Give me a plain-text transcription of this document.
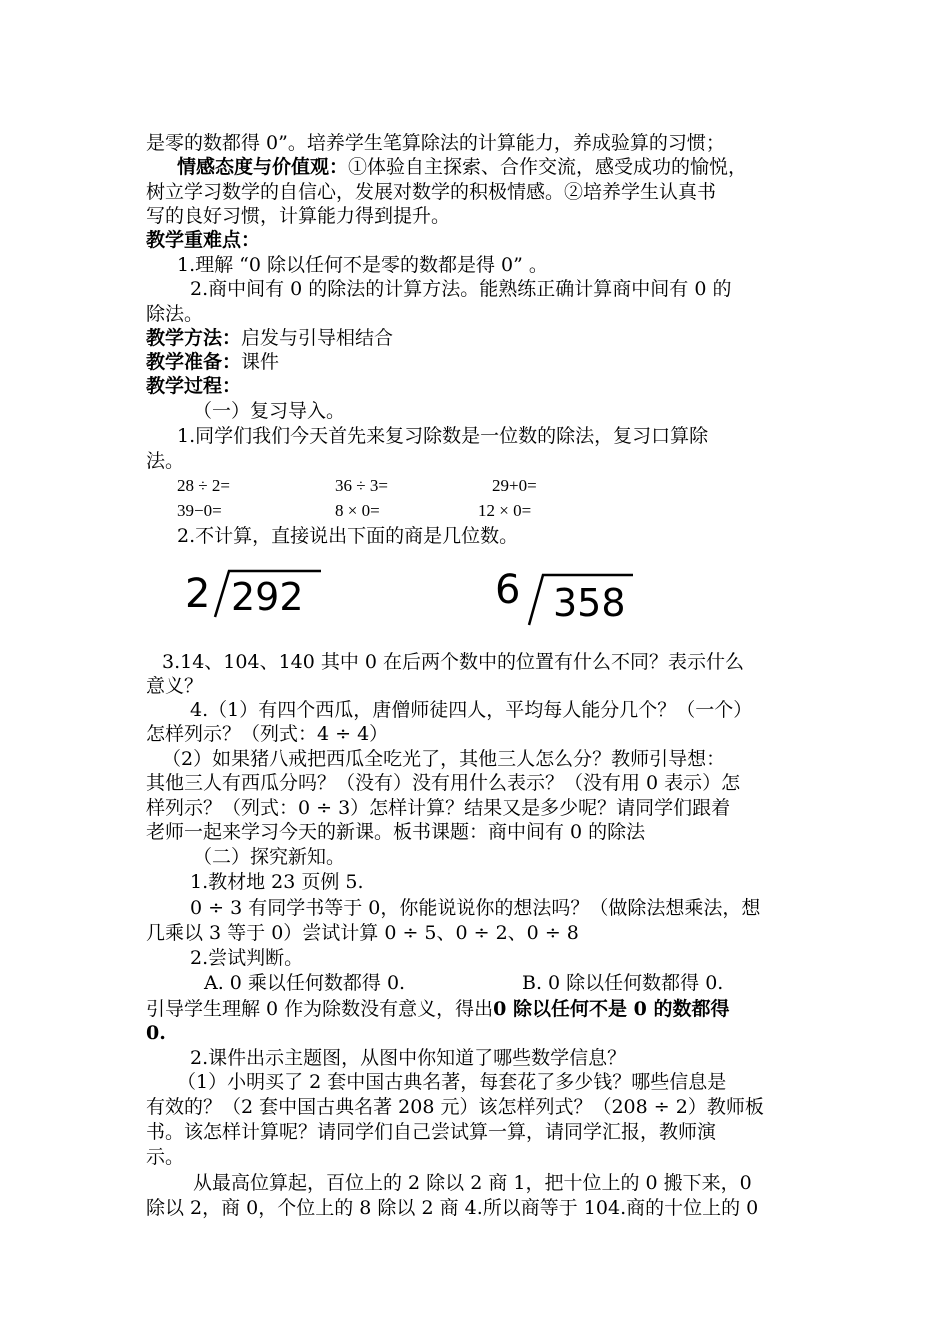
是零的数都得 0”。培养学生笔算除法的计算能力，养成验算的习惯；
情感态度与价值观：①体验自主探索、合作交流，感受成功的愉悦，
树立学习数学的自信心，发展对数学的积极情感。②培养学生认真书
写的良好习惯，计算能力得到提升。
教学重难点：
1.理解 “0 除以任何不是零的数都是得 0” 。
2.商中间有 0 的除法的计算方法。能熟练正确计算商中间有 0 的
除法。
教学方法：启发与引导相结合
教学准备：课件
教学过程：
（一）复习导入。
1.同学们我们今天首先来复习除数是一位数的除法，复习口算除
法。
28 ÷ 2=	36 ÷ 3=	29+0=
39−0=	8 × 0=	12 × 0=
2.不计算，直接说出下面的商是几位数。
2 292	6 358
3.14、104、140 其中 0 在后两个数中的位置有什么不同？表示什么
意义？
4.（1）有四个西瓜，唐僧师徒四人，平均每人能分几个？（一个）
怎样列示？（列式：4 ÷ 4）
（2）如果猪八戒把西瓜全吃光了，其他三人怎么分？教师引导想：
其他三人有西瓜分吗？（没有）没有用什么表示？（没有用 0 表示）怎
样列示？（列式：0 ÷ 3）怎样计算？结果又是多少呢？请同学们跟着
老师一起来学习今天的新课。板书课题：商中间有 0 的除法
（二）探究新知。
1.教材地 23 页例 5.
0 ÷ 3 有同学书等于 0，你能说说你的想法吗？（做除法想乘法，想
几乘以 3 等于 0）尝试计算 0 ÷ 5、0 ÷ 2、0 ÷ 8
2.尝试判断。
A. 0 乘以任何数都得 0.	B. 0 除以任何数都得 0.
引导学生理解 0 作为除数没有意义，得出0 除以任何不是 0 的数都得
0.
2.课件出示主题图，从图中你知道了哪些数学信息？
（1）小明买了 2 套中国古典名著，每套花了多少钱？哪些信息是
有效的？（2 套中国古典名著 208 元）该怎样列式？（208 ÷ 2）教师板
书。该怎样计算呢？请同学们自己尝试算一算，请同学汇报，教师演
示。
从最高位算起，百位上的 2 除以 2 商 1，把十位上的 0 搬下来，0
除以 2，商 0，个位上的 8 除以 2 商 4.所以商等于 104.商的十位上的 0
